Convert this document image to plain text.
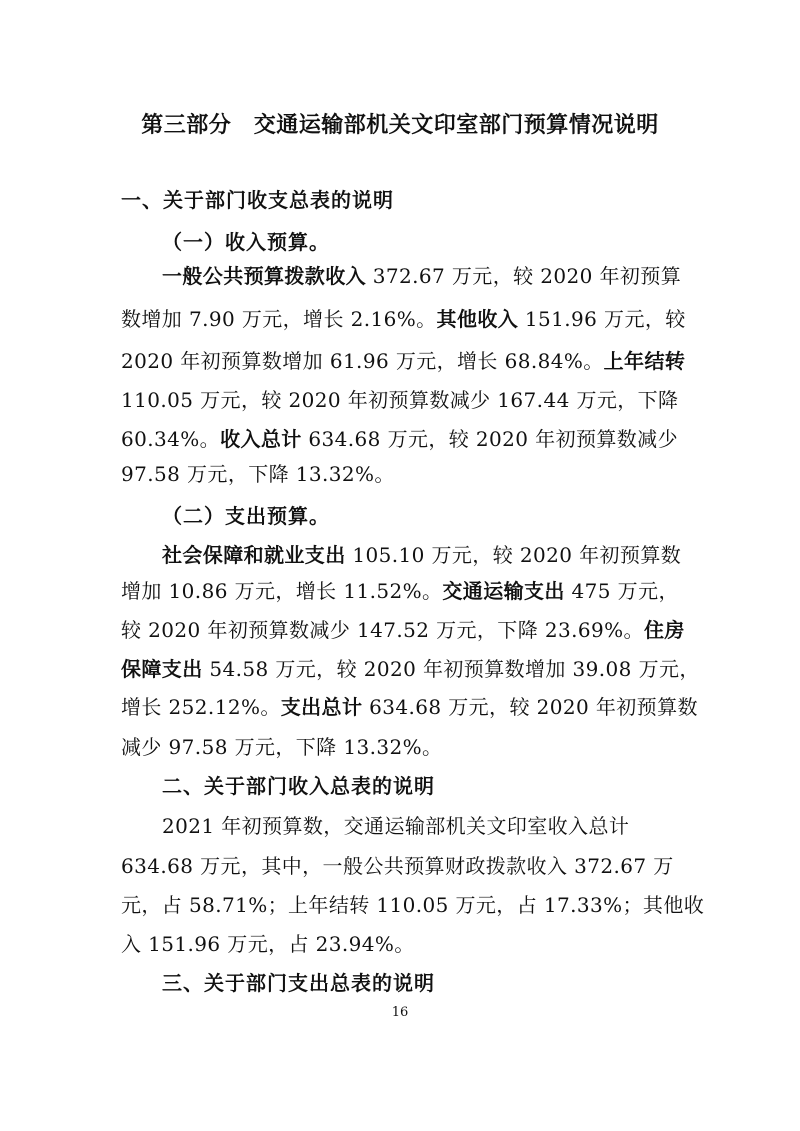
第三部分　交通运输部机关文印室部门预算情况说明
一、关于部门收支总表的说明
（一）收入预算。
一般公共预算拨款收入 372.67 万元，较 2020 年初预算
数增加 7.90 万元，增长 2.16%。其他收入 151.96 万元，较
2020 年初预算数增加 61.96 万元，增长 68.84%。上年结转
110.05 万元，较 2020 年初预算数减少 167.44 万元，下降
60.34%。收入总计 634.68 万元，较 2020 年初预算数减少
97.58 万元，下降 13.32%。
（二）支出预算。
社会保障和就业支出 105.10 万元，较 2020 年初预算数
增加 10.86 万元，增长 11.52%。交通运输支出 475 万元，
较 2020 年初预算数减少 147.52 万元，下降 23.69%。住房
保障支出 54.58 万元，较 2020 年初预算数增加 39.08 万元，
增长 252.12%。支出总计 634.68 万元，较 2020 年初预算数
减少 97.58 万元，下降 13.32%。
二、关于部门收入总表的说明
2021 年初预算数，交通运输部机关文印室收入总计
634.68 万元，其中，一般公共预算财政拨款收入 372.67 万
元，占 58.71%；上年结转 110.05 万元，占 17.33%；其他收
入 151.96 万元，占 23.94%。
三、关于部门支出总表的说明
16
